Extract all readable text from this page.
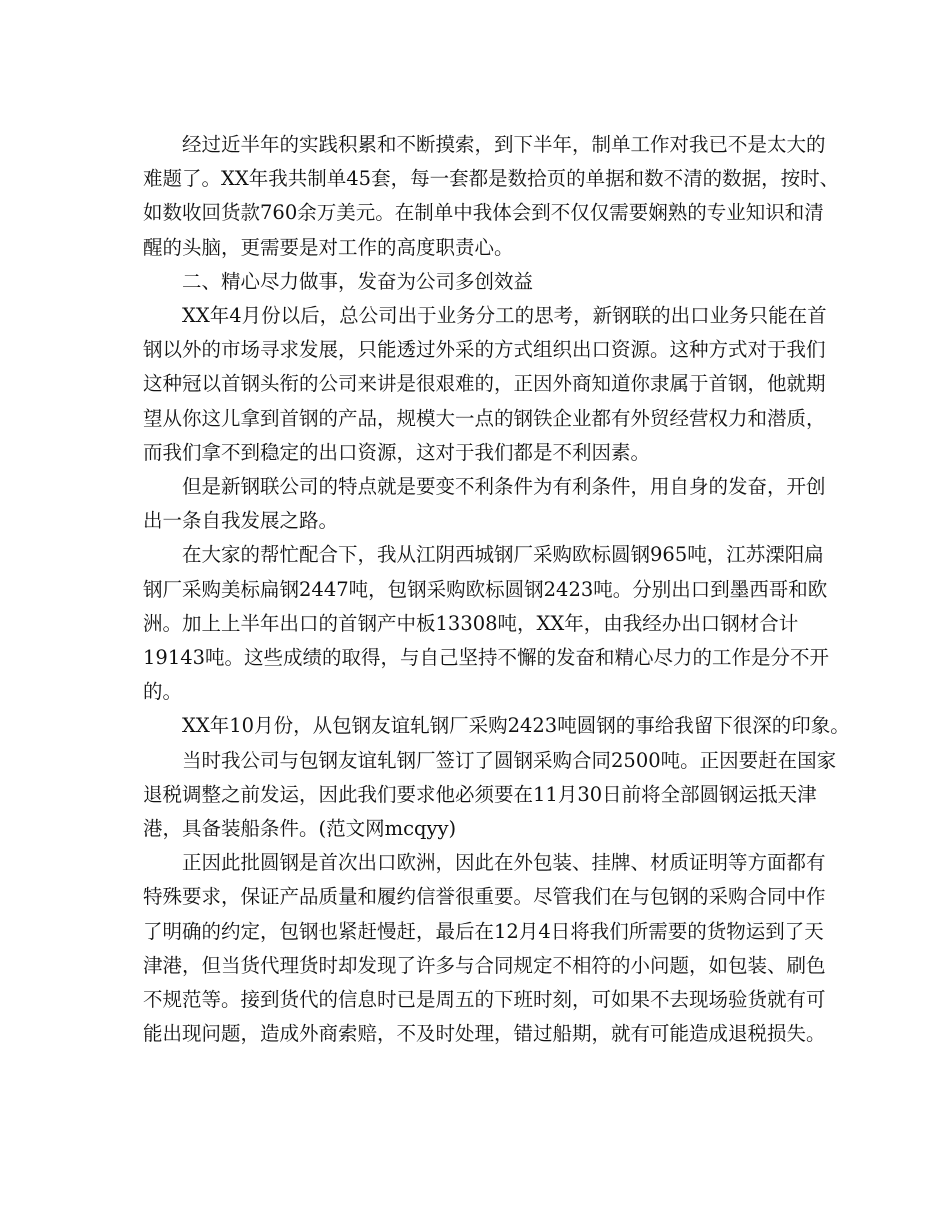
经过近半年的实践积累和不断摸索，到下半年，制单工作对我已不是太大的
难题了。XX年我共制单45套，每一套都是数拾页的单据和数不清的数据，按时、
如数收回货款760余万美元。在制单中我体会到不仅仅需要娴熟的专业知识和清
醒的头脑，更需要是对工作的高度职责心。
二、精心尽力做事，发奋为公司多创效益
XX年4月份以后，总公司出于业务分工的思考，新钢联的出口业务只能在首
钢以外的市场寻求发展，只能透过外采的方式组织出口资源。这种方式对于我们
这种冠以首钢头衔的公司来讲是很艰难的，正因外商知道你隶属于首钢，他就期
望从你这儿拿到首钢的产品，规模大一点的钢铁企业都有外贸经营权力和潜质，
而我们拿不到稳定的出口资源，这对于我们都是不利因素。
但是新钢联公司的特点就是要变不利条件为有利条件，用自身的发奋，开创
出一条自我发展之路。
在大家的帮忙配合下，我从江阴西城钢厂采购欧标圆钢965吨，江苏溧阳扁
钢厂采购美标扁钢2447吨，包钢采购欧标圆钢2423吨。分别出口到墨西哥和欧
洲。加上上半年出口的首钢产中板13308吨，XX年，由我经办出口钢材合计
19143吨。这些成绩的取得，与自己坚持不懈的发奋和精心尽力的工作是分不开
的。
XX年10月份，从包钢友谊轧钢厂采购2423吨圆钢的事给我留下很深的印象。
当时我公司与包钢友谊轧钢厂签订了圆钢采购合同2500吨。正因要赶在国家
退税调整之前发运，因此我们要求他必须要在11月30日前将全部圆钢运抵天津
港，具备装船条件。(范文网mcqyy)
正因此批圆钢是首次出口欧洲，因此在外包装、挂牌、材质证明等方面都有
特殊要求，保证产品质量和履约信誉很重要。尽管我们在与包钢的采购合同中作
了明确的约定，包钢也紧赶慢赶，最后在12月4日将我们所需要的货物运到了天
津港，但当货代理货时却发现了许多与合同规定不相符的小问题，如包装、刷色
不规范等。接到货代的信息时已是周五的下班时刻，可如果不去现场验货就有可
能出现问题，造成外商索赔，不及时处理，错过船期，就有可能造成退税损失。
